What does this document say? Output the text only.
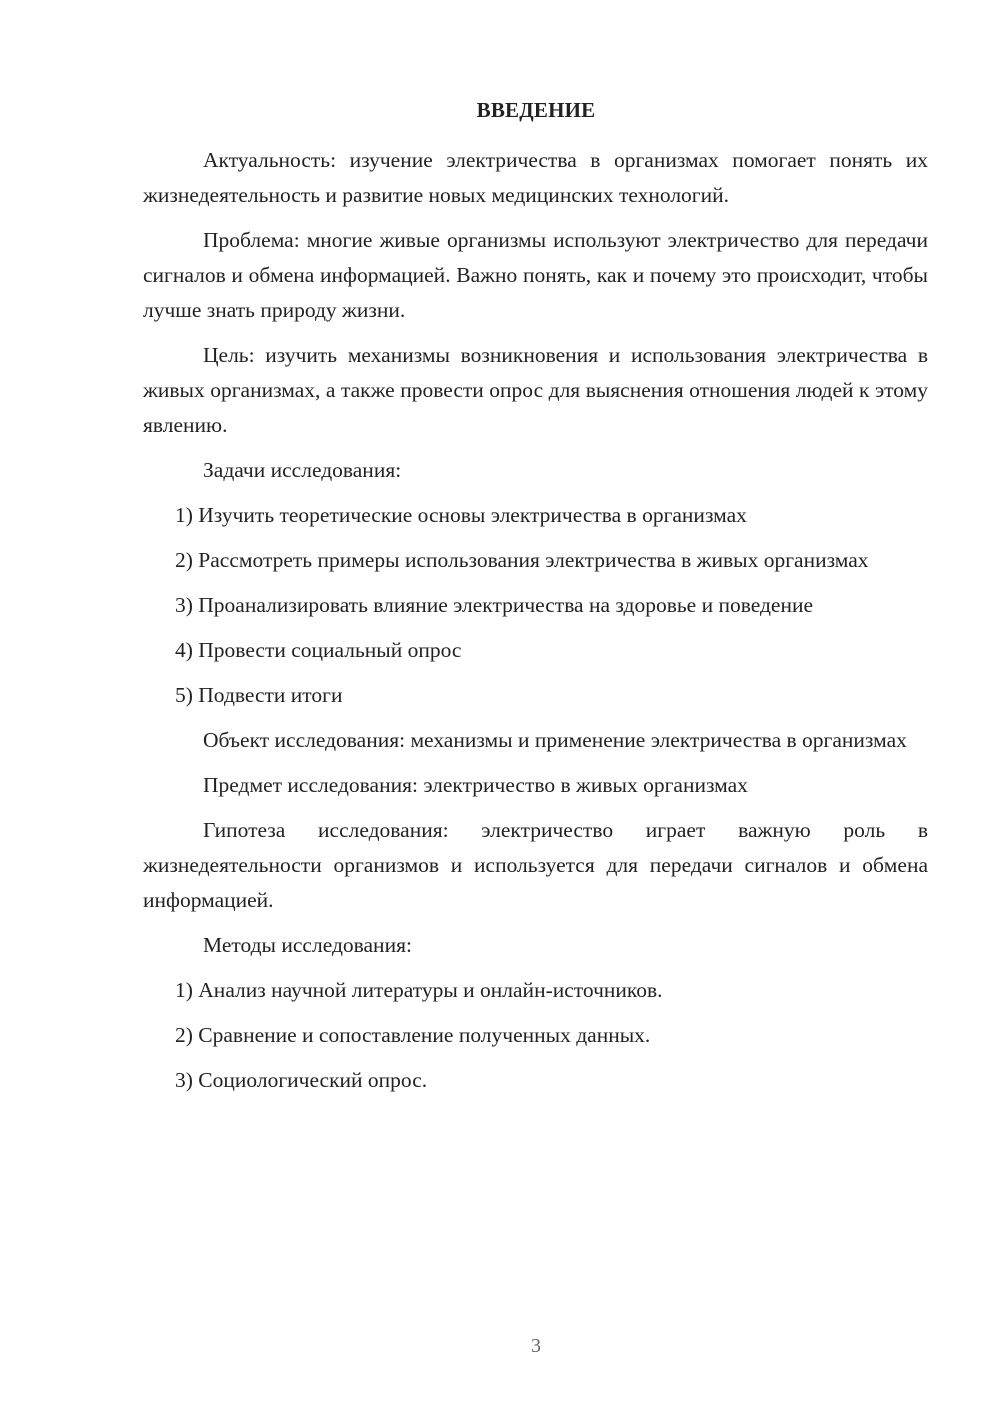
ВВЕДЕНИЕ

Актуальность: изучение электричества в организмах помогает понять их жизнедеятельность и развитие новых медицинских технологий.

Проблема: многие живые организмы используют электричество для передачи сигналов и обмена информацией. Важно понять, как и почему это происходит, чтобы лучше знать природу жизни.

Цель: изучить механизмы возникновения и использования электричества в живых организмах, а также провести опрос для выяснения отношения людей к этому явлению.

Задачи исследования:

1) Изучить теоретические основы электричества в организмах

2) Рассмотреть примеры использования электричества в живых организмах

3) Проанализировать влияние электричества на здоровье и поведение

4) Провести социальный опрос

5) Подвести итоги

Объект исследования: механизмы и применение электричества в организмах

Предмет исследования: электричество в живых организмах

Гипотеза исследования: электричество играет важную роль в жизнедеятельности организмов и используется для передачи сигналов и обмена информацией.

Методы исследования:

1) Анализ научной литературы и онлайн-источников.

2) Сравнение и сопоставление полученных данных.

3) Социологический опрос.

3
